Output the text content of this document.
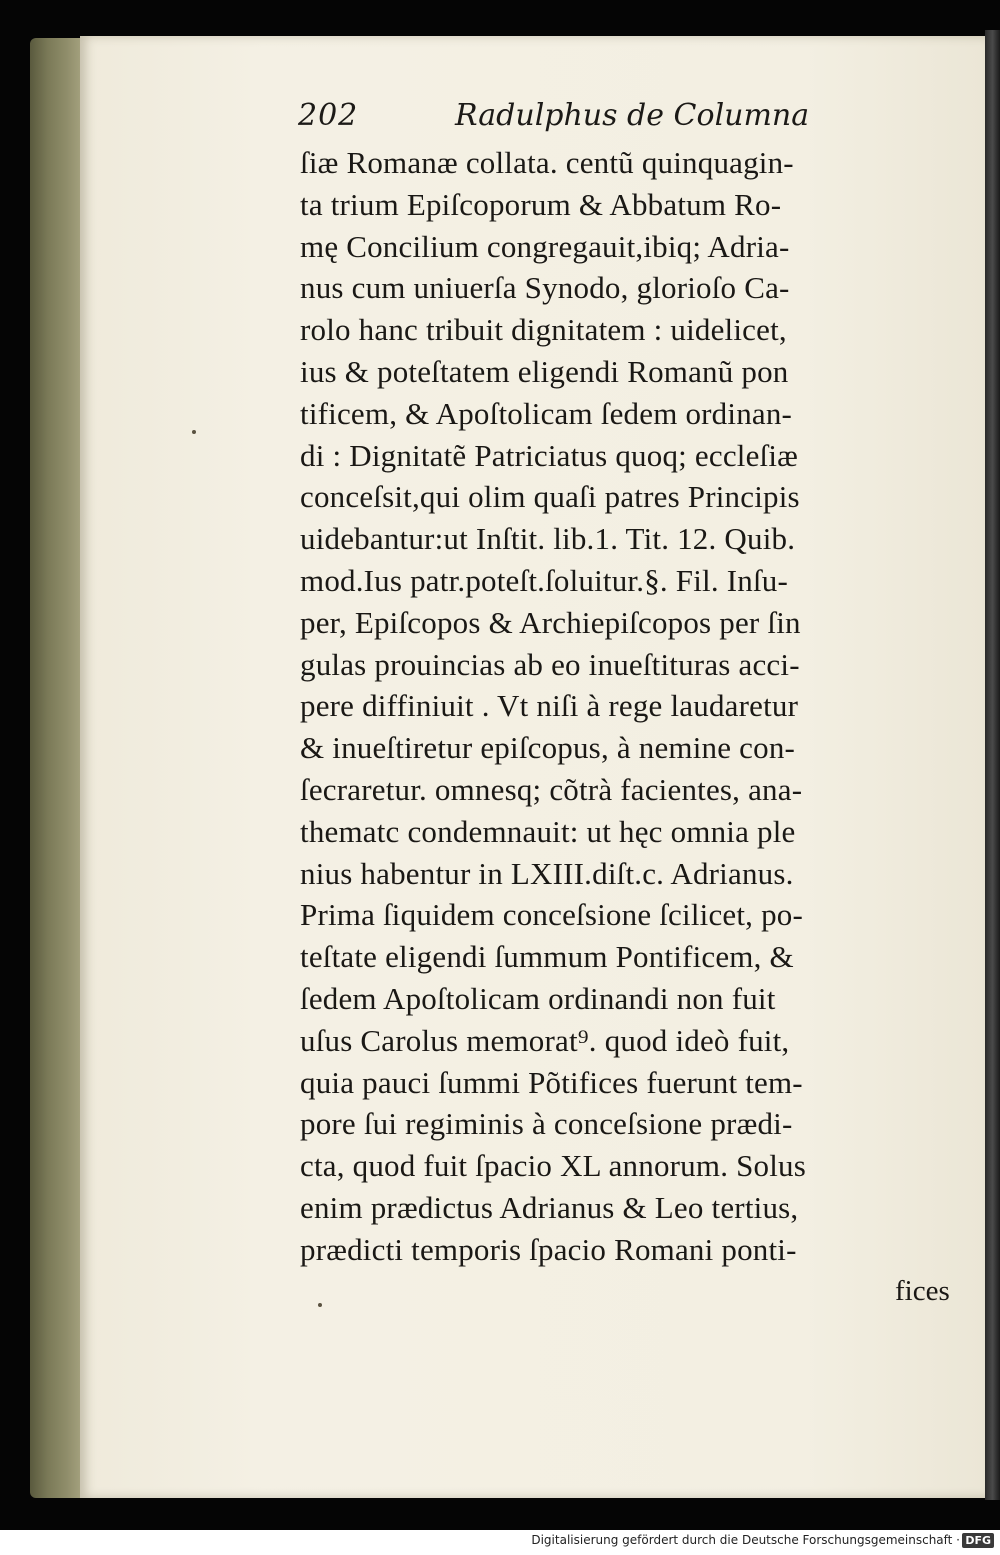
202	Radulphus de Columna
ſiæ Romanæ collata. centũ quinquagin-
ta trium Epiſcoporum & Abbatum Ro-
mę Concilium congregauit,ibiq; Adria-
nus cum uniuerſa Synodo, glorioſo Ca-
rolo hanc tribuit dignitatem : uidelicet,
ius & poteſtatem eligendi Romanũ pon
tificem, & Apoſtolicam ſedem ordinan-
di : Dignitatẽ Patriciatus quoq; eccleſiæ
conceſsit,qui olim quaſi patres Principis
uidebantur:ut Inſtit. lib.1. Tit. 12. Quib.
mod.Ius patr.poteſt.ſoluitur.§. Fil. Inſu-
per, Epiſcopos & Archiepiſcopos per ſin
gulas prouincias ab eo inueſtituras acci-
pere diffiniuit . Vt niſi à rege laudaretur
& inueſtiretur epiſcopus, à nemine con-
ſecraretur. omnesq; cõtrà facientes, ana-
thematc condemnauit: ut hęc omnia ple
nius habentur in LXIII.diſt.c. Adrianus.
Prima ſiquidem conceſsione ſcilicet, po-
teſtate eligendi ſummum Pontificem, &
ſedem Apoſtolicam ordinandi non fuit
uſus Carolus memorat⁹. quod ideò fuit,
quia pauci ſummi Põtifices fuerunt tem-
pore ſui regiminis à conceſsione prædi-
cta, quod fuit ſpacio XL annorum. Solus
enim prædictus Adrianus & Leo tertius,
prædicti temporis ſpacio Romani ponti-
fices
Digitalisierung gefördert durch die Deutsche Forschungsgemeinschaft · DFG
